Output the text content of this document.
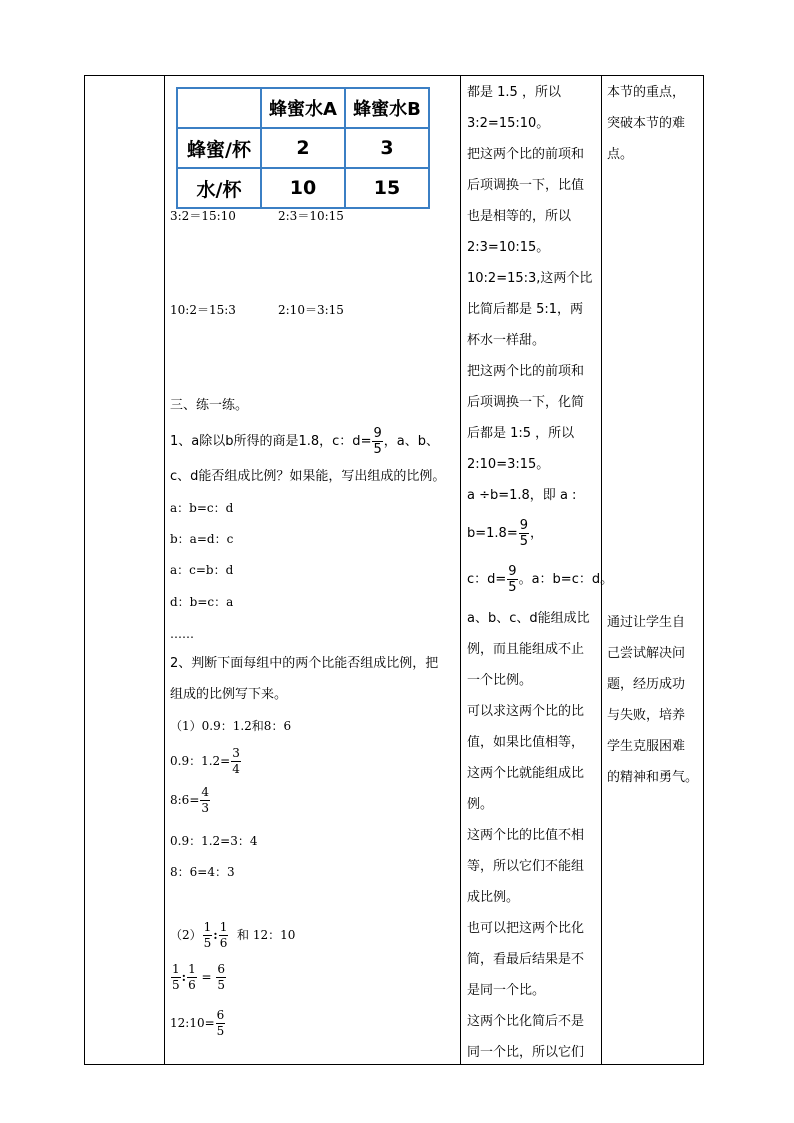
	蜂蜜水A	蜂蜜水B
蜂蜜/杯	2	3
水/杯	10	15
3:2＝15:10	2:3＝10:15
10:2＝15:3	2:10＝3:15
三、练一练。
1、a除以b所得的商是1.8，c：$d= \frac{9}{5}$ ，a、b、
c、d能否组成比例？如果能，写出组成的比例。
a：b=c：d
b：a=d：c
a：c=b：d
d：b=c：a
……
2、判断下面每组中的两个比能否组成比例，把
组成的比例写下来。
（1）0.9：1.2和8：6
0.9：$1.2= \frac{3}{4}$
8:6= $\frac{4}{3}$
0.9：1.2=3：4
8：6=4：3
$(2) \frac{1}{5}$ : $\frac{1}{6}$ 和 12：10
$\frac{1}{5}$ : $\frac{1}{6} = \frac{6}{5}$
12:10= $\frac{6}{5}$

都是 1.5 ，所以

3:2=15:10。

把这两个比的前项和

后项调换一下，比值

也是相等的，所以

2:3=10:15。

10:2=15:3,这两个比

比简后都是 5:1，两

杯水一样甜。

把这两个比的前项和

后项调换一下，化简

后都是 1:5 ，所以

2:10=3:15。

a ÷b=1.8，即 a :

$b=1.8= \frac{9}{5}$ ，

c：$d= \frac{9}{5}$ 。a：b=c：d。

a、b、c、d能组成比

例，而且能组成不止

一个比例。

可以求这两个比的比

值，如果比值相等，

这两个比就能组成比

例。

这两个比的比值不相

等，所以它们不能组

成比例。

也可以把这两个比化

简，看最后结果是不

是同一个比。

这两个比化简后不是

同一个比，所以它们

本节的重点，

突破本节的难

点。

通过让学生自

己尝试解决问

题，经历成功

与失败，培养

学生克服困难

的精神和勇气。
